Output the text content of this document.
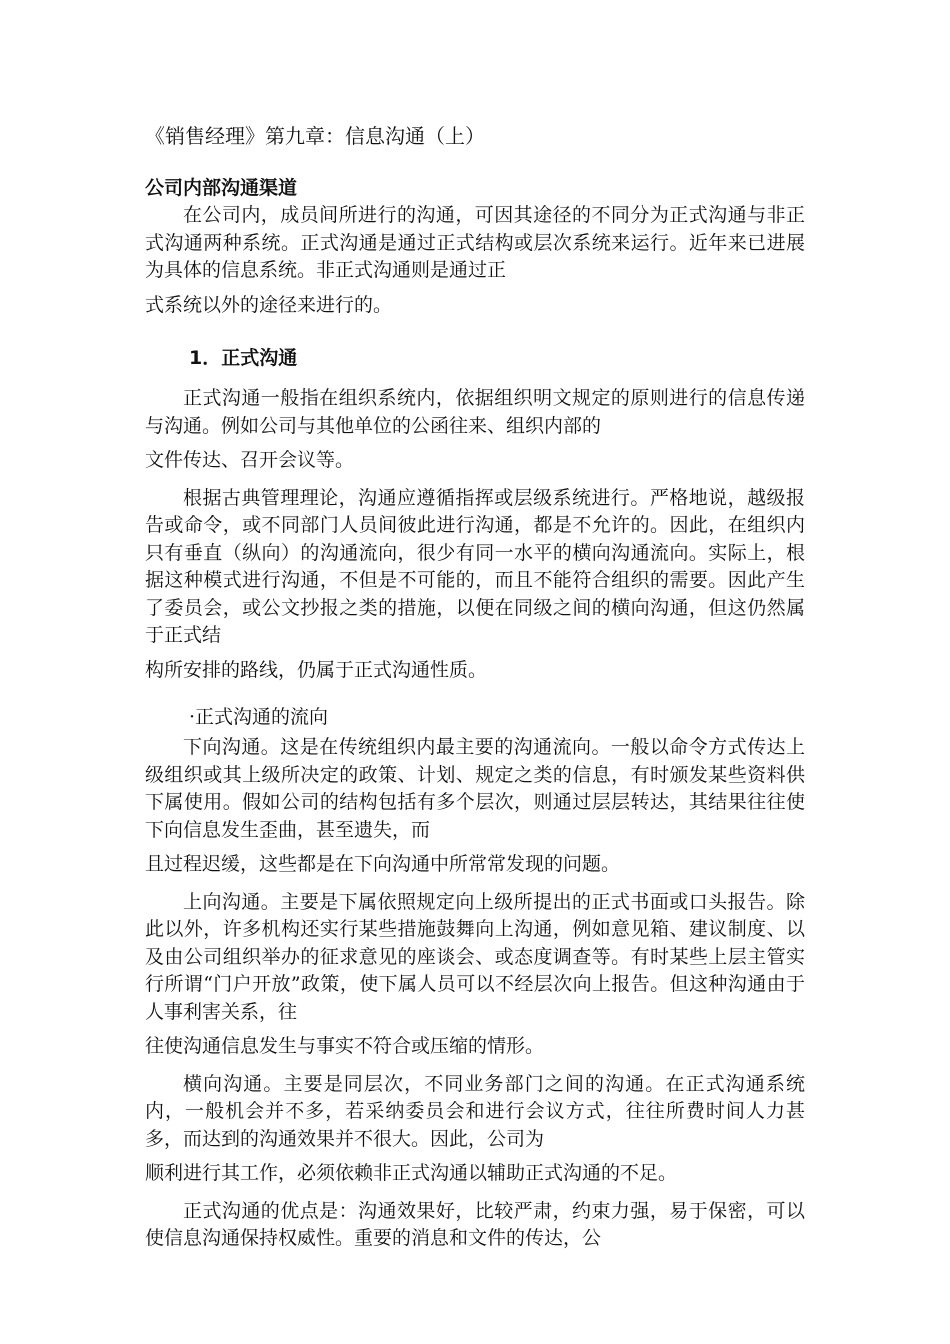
《销售经理》第九章：信息沟通（上）
公司内部沟通渠道

在公司内，成员间所进行的沟通，可因其途径的不同分为正式沟通与非正式沟通两种系统。正式沟通是通过正式结构或层次系统来运行。近年来已进展为具体的信息系统。非正式沟通则是通过正
式系统以外的途径来进行的。

1．正式沟通

正式沟通一般指在组织系统内，依据组织明文规定的原则进行的信息传递与沟通。例如公司与其他单位的公函往来、组织内部的
文件传达、召开会议等。

根据古典管理理论，沟通应遵循指挥或层级系统进行。严格地说，越级报告或命令，或不同部门人员间彼此进行沟通，都是不允许的。因此，在组织内只有垂直（纵向）的沟通流向，很少有同一水平的横向沟通流向。实际上，根据这种模式进行沟通，不但是不可能的，而且不能符合组织的需要。因此产生了委员会，或公文抄报之类的措施，以便在同级之间的横向沟通，但这仍然属于正式结
构所安排的路线，仍属于正式沟通性质。

·正式沟通的流向

下向沟通。这是在传统组织内最主要的沟通流向。一般以命令方式传达上级组织或其上级所决定的政策、计划、规定之类的信息，有时颁发某些资料供下属使用。假如公司的结构包括有多个层次，则通过层层转达，其结果往往使下向信息发生歪曲，甚至遗失，而
且过程迟缓，这些都是在下向沟通中所常常发现的问题。

上向沟通。主要是下属依照规定向上级所提出的正式书面或口头报告。除此以外，许多机构还实行某些措施鼓舞向上沟通，例如意见箱、建议制度、以及由公司组织举办的征求意见的座谈会、或态度调查等。有时某些上层主管实行所谓“门户开放”政策，使下属人员可以不经层次向上报告。但这种沟通由于人事利害关系，往
往使沟通信息发生与事实不符合或压缩的情形。

横向沟通。主要是同层次，不同业务部门之间的沟通。在正式沟通系统内，一般机会并不多，若采纳委员会和进行会议方式，往往所费时间人力甚多，而达到的沟通效果并不很大。因此，公司为
顺利进行其工作，必须依赖非正式沟通以辅助正式沟通的不足。

正式沟通的优点是：沟通效果好，比较严肃，约束力强，易于保密，可以使信息沟通保持权威性。重要的消息和文件的传达，公
